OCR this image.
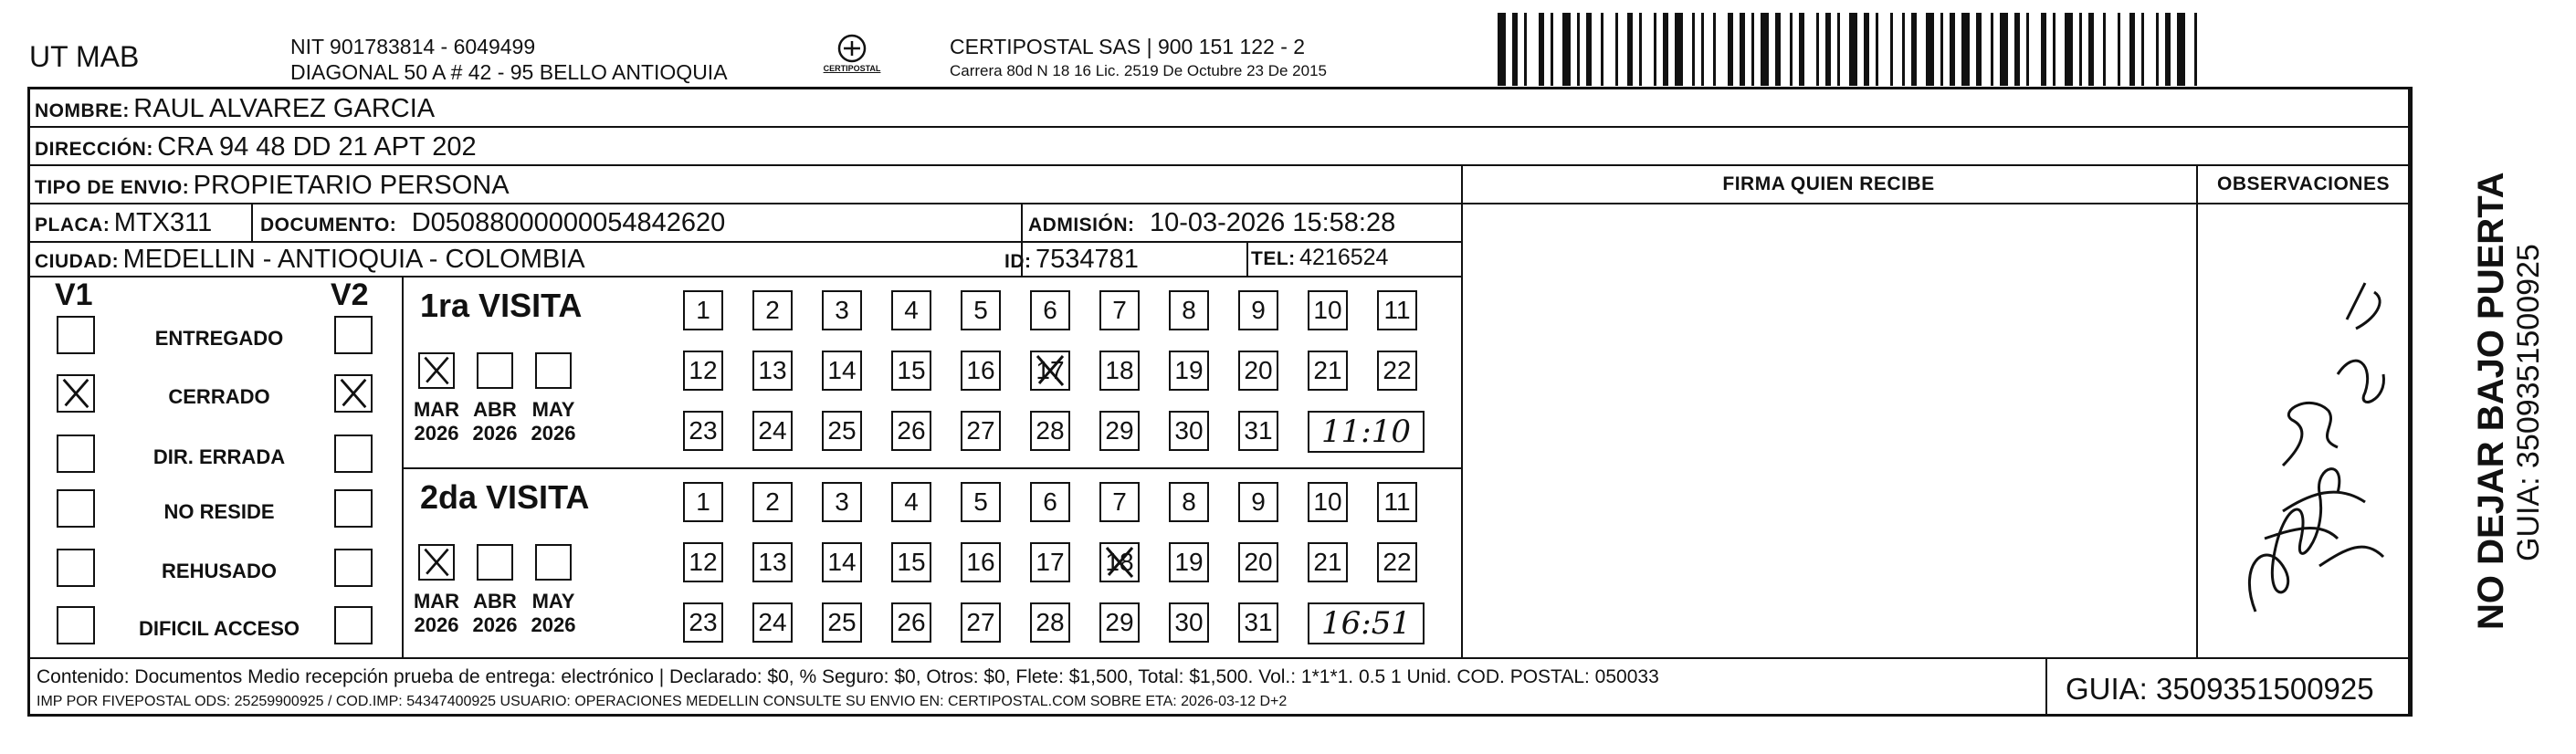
UT MAB	NIT 901783814 - 6049499
DIAGONAL 50 A # 42 - 95 BELLO ANTIOQUIA	CERTIPOSTAL
CERTIPOSTAL SAS | 900 151 122 - 2
Carrera 80d N 18 16 Lic. 2519 De Octubre 23 De 2015
NOMBRE: RAUL ALVAREZ GARCIA
DIRECCIÓN: CRA 94 48 DD 21 APT 202
TIPO DE ENVIO: PROPIETARIO PERSONA
PLACA: MTX311	DOCUMENTO: D05088000000054842620	ADMISIÓN: 10-03-2026 15:58:28
CIUDAD: MEDELLIN - ANTIOQUIA - COLOMBIA	ID: 7534781	TEL: 4216524
FIRMA QUIEN RECIBE	OBSERVACIONES
V1	V2
ENTREGADO
CERRADO
DIR. ERRADA
NO RESIDE
REHUSADO
DIFICIL ACCESO
1ra VISITA
MAR
2026
ABR
2026
MAY
2026
1	2	3	4	5	6	7	8	9	10 11
12 13 14 15 16 17 18 19 20 21 22
23 24 25 26 27 28 29 30 31	11:10
2da VISITA
MAR
2026
ABR
2026
MAY
2026
1	2	3	4	5	6	7	8	9	10 11
12 13 14 15 16 17 18 19 20 21 22
23 24 25 26 27 28 29 30 31	16:51
Contenido: Documentos Medio recepción prueba de entrega: electrónico | Declarado: $0, % Seguro: $0, Otros: $0, Flete: $1,500, Total: $1,500. Vol.: 1*1*1. 0.5 1 Unid. COD. POSTAL: 050033
IMP POR FIVEPOSTAL ODS: 25259900925 / COD.IMP: 54347400925 USUARIO: OPERACIONES MEDELLIN CONSULTE SU ENVIO EN: CERTIPOSTAL.COM SOBRE ETA: 2026-03-12 D+2	GUIA: 3509351500925
NO DEJAR BAJO PUERTA GUIA: 3509351500925
